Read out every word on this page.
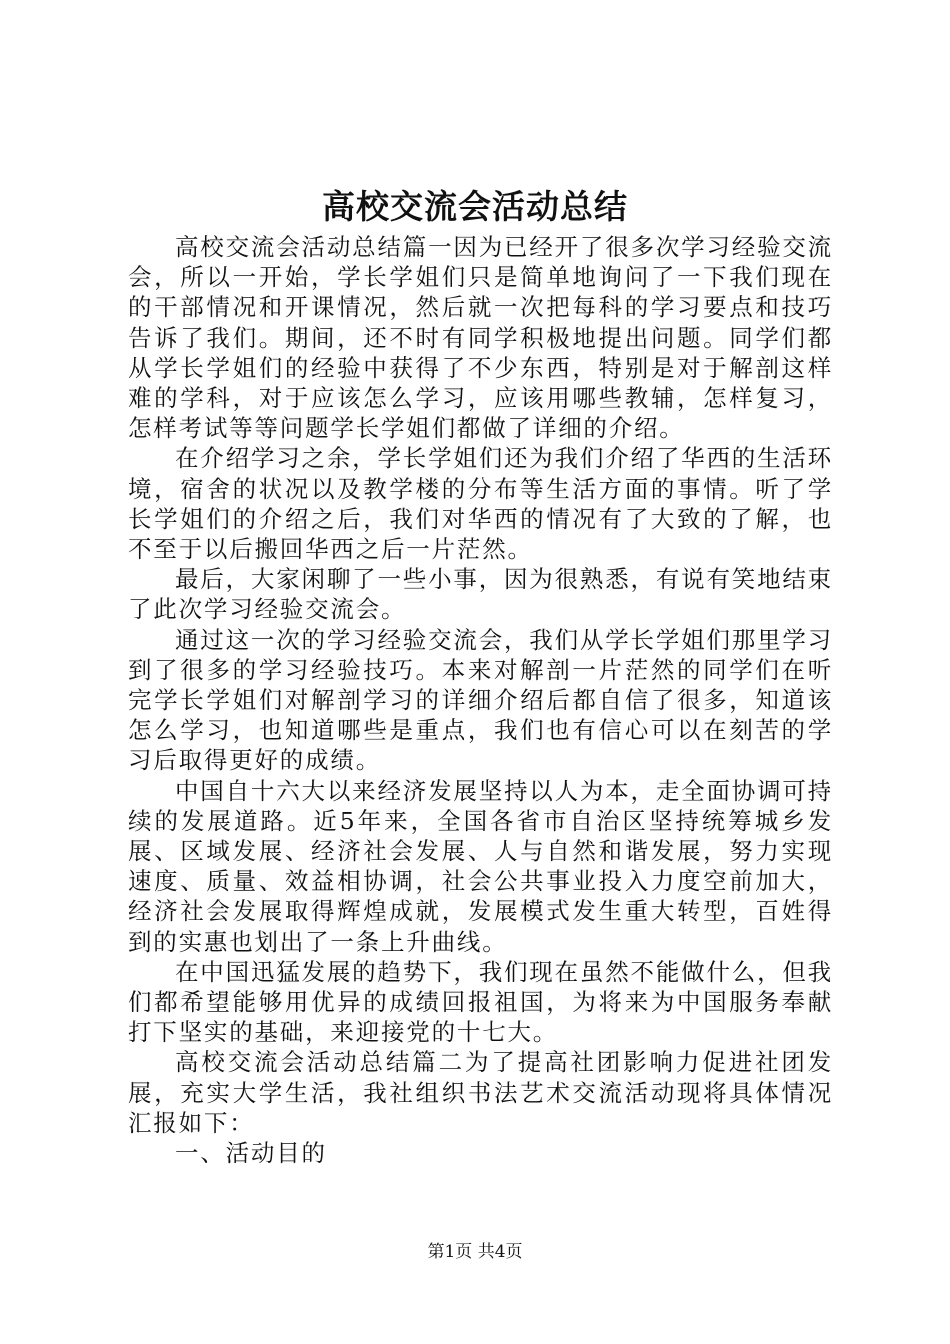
高校交流会活动总结

高校交流会活动总结篇一因为已经开了很多次学习经验交流会，所以一开始，学长学姐们只是简单地询问了一下我们现在的干部情况和开课情况，然后就一次把每科的学习要点和技巧告诉了我们。期间，还不时有同学积极地提出问题。同学们都从学长学姐们的经验中获得了不少东西，特别是对于解剖这样难的学科，对于应该怎么学习，应该用哪些教辅，怎样复习，怎样考试等等问题学长学姐们都做了详细的介绍。

在介绍学习之余，学长学姐们还为我们介绍了华西的生活环境，宿舍的状况以及教学楼的分布等生活方面的事情。听了学长学姐们的介绍之后，我们对华西的情况有了大致的了解，也不至于以后搬回华西之后一片茫然。

最后，大家闲聊了一些小事，因为很熟悉，有说有笑地结束了此次学习经验交流会。

通过这一次的学习经验交流会，我们从学长学姐们那里学习到了很多的学习经验技巧。本来对解剖一片茫然的同学们在听完学长学姐们对解剖学习的详细介绍后都自信了很多，知道该怎么学习，也知道哪些是重点，我们也有信心可以在刻苦的学习后取得更好的成绩。

中国自十六大以来经济发展坚持以人为本，走全面协调可持续的发展道路。近5年来，全国各省市自治区坚持统筹城乡发展、区域发展、经济社会发展、人与自然和谐发展，努力实现速度、质量、效益相协调，社会公共事业投入力度空前加大，经济社会发展取得辉煌成就，发展模式发生重大转型，百姓得到的实惠也划出了一条上升曲线。

在中国迅猛发展的趋势下，我们现在虽然不能做什么，但我们都希望能够用优异的成绩回报祖国，为将来为中国服务奉献打下坚实的基础，来迎接党的十七大。

高校交流会活动总结篇二为了提高社团影响力促进社团发展，充实大学生活，我社组织书法艺术交流活动现将具体情况汇报如下：

一、活动目的

第1页 共4页
